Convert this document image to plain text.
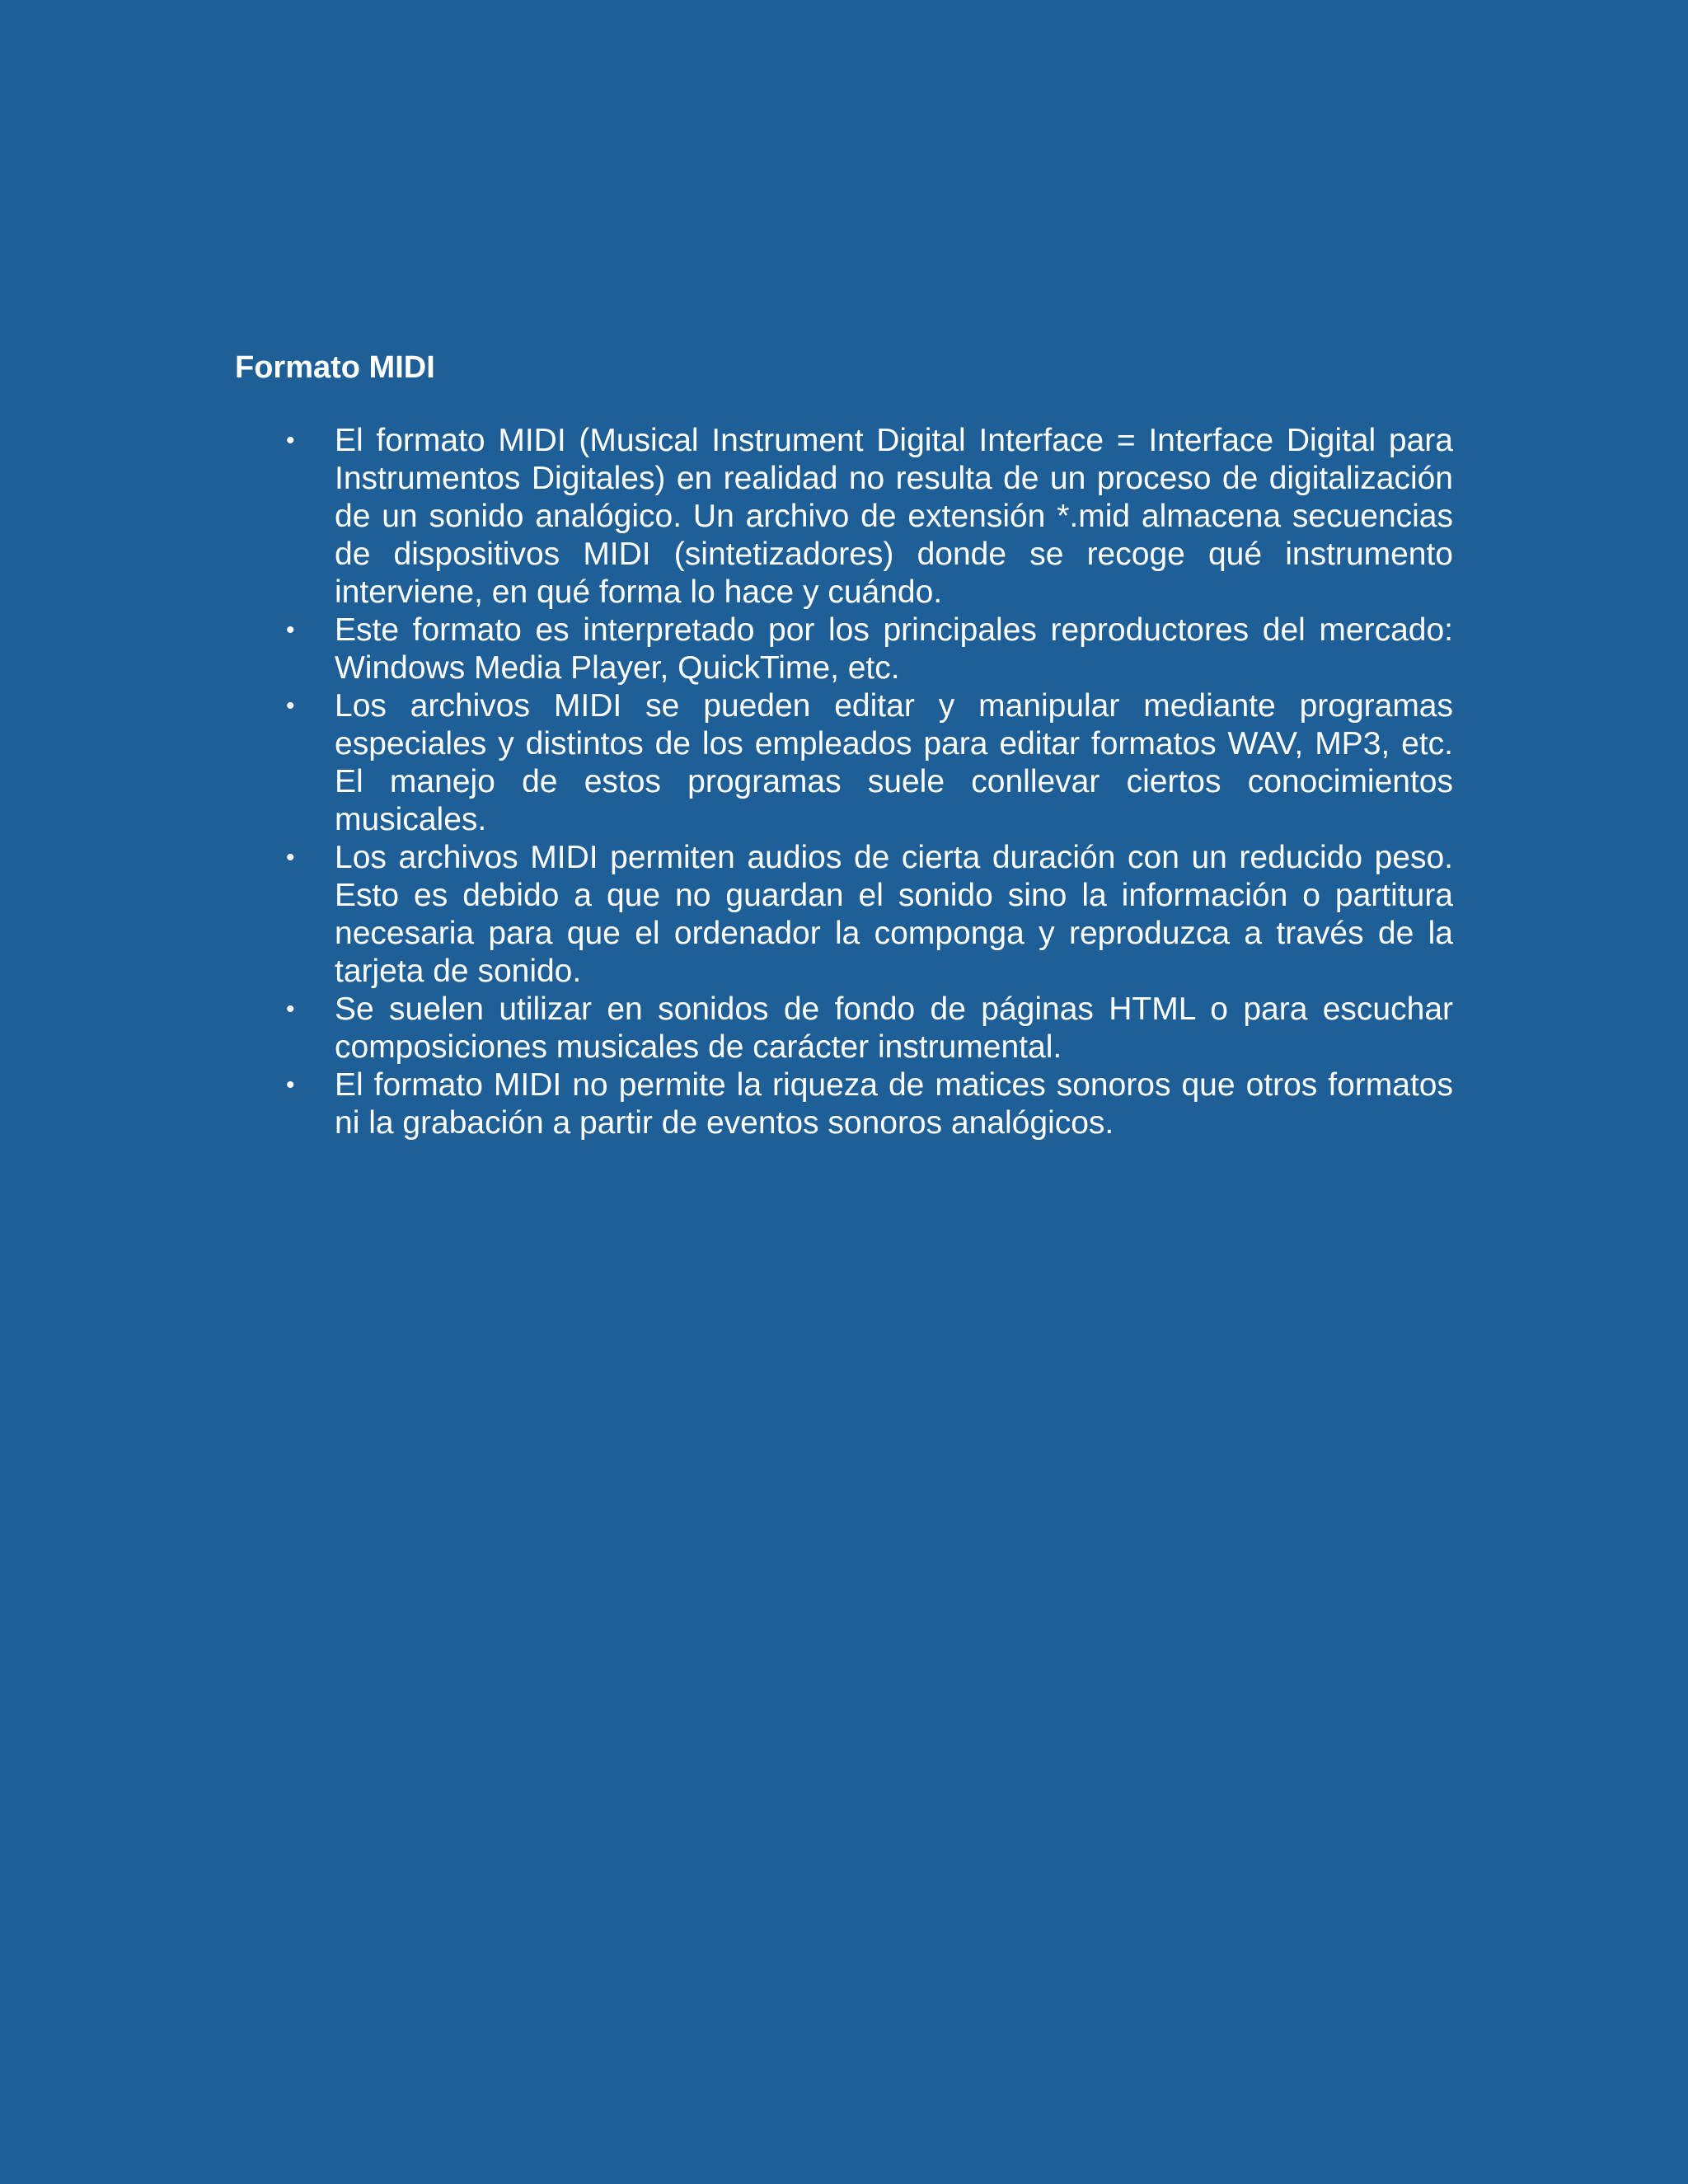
Formato MIDI
• El formato MIDI (Musical Instrument Digital Interface = Interface Digital para Instrumentos Digitales) en realidad no resulta de un proceso de digitalización de un sonido analógico. Un archivo de extensión *.mid almacena secuencias de dispositivos MIDI (sintetizadores) donde se recoge qué instrumento interviene, en qué forma lo hace y cuándo.
• Este formato es interpretado por los principales reproductores del mercado: Windows Media Player, QuickTime, etc.
• Los archivos MIDI se pueden editar y manipular mediante programas especiales y distintos de los empleados para editar formatos WAV, MP3, etc. El manejo de estos programas suele conllevar ciertos conocimientos musicales.
• Los archivos MIDI permiten audios de cierta duración con un reducido peso. Esto es debido a que no guardan el sonido sino la información o partitura necesaria para que el ordenador la componga y reproduzca a través de la tarjeta de sonido.
• Se suelen utilizar en sonidos de fondo de páginas HTML o para escuchar composiciones musicales de carácter instrumental.
• El formato MIDI no permite la riqueza de matices sonoros que otros formatos ni la grabación a partir de eventos sonoros analógicos.
